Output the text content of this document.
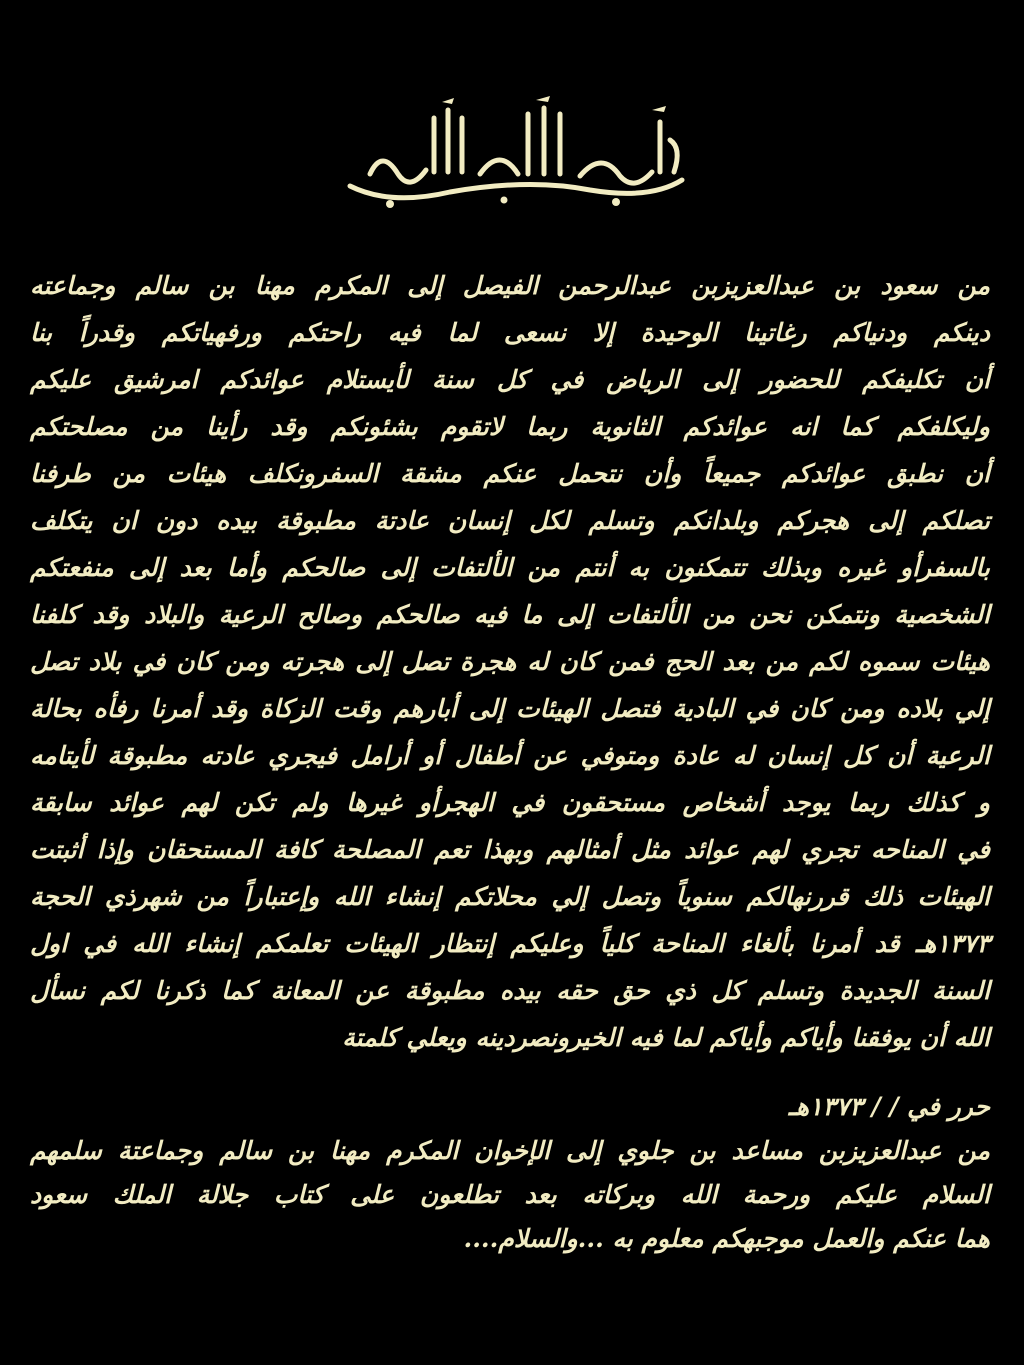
من سعود بن عبدالعزيزبن عبدالرحمن الفيصل إلى المكرم مهنا بن سالم وجماعته
دينكم ودنياكم رغاتينا الوحيدة إلا نسعى لما فيه راحتكم ورفهياتكم وقدراً بنا
أن تكليفكم للحضور إلى الرياض في كل سنة لأيستلام عوائدكم امرشيق عليكم
وليكلفكم كما انه عوائدكم الثانوية ربما لاتقوم بشئونكم وقد رأينا من مصلحتكم
أن نطبق عوائدكم جميعاً وأن نتحمل عنكم مشقة السفرونكلف هيئات من طرفنا
تصلكم إلى هجركم وبلدانكم وتسلم لكل إنسان عادتة مطبوقة بيده دون ان يتكلف
بالسفرأو غيره وبذلك تتمكنون به أنتم من الألتفات إلى صالحكم وأما بعد إلى منفعتكم
الشخصية ونتمكن نحن من الألتفات إلى ما فيه صالحكم وصالح الرعية والبلاد وقد كلفنا
هيئات سموه لكم من بعد الحج فمن كان له هجرة تصل إلى هجرته ومن كان في بلاد تصل
إلي بلاده ومن كان في البادية فتصل الهيئات إلى أبارهم وقت الزكاة وقد أمرنا رفأه بحالة
الرعية أن كل إنسان له عادة ومتوفي عن أطفال أو أرامل فيجري عادته مطبوقة لأيتامه
و كذلك ربما يوجد أشخاص مستحقون في الهجرأو غيرها ولم تكن لهم عوائد سابقة
في المناحه تجري لهم عوائد مثل أمثالهم وبهذا تعم المصلحة كافة المستحقان وإذا أثبتت
الهيئات ذلك قررنهالكم سنوياً وتصل إلي محلاتكم إنشاء الله وإعتباراً من شهرذي الحجة
١٣٧٣هـ قد أمرنا بألغاء المناحة كلياً وعليكم إنتظار الهيئات تعلمكم إنشاء الله في اول
السنة الجديدة وتسلم كل ذي حق حقه بيده مطبوقة عن المعانة كما ذكرنا لكم نسأل
الله أن يوفقنا وأياكم وأياكم لما فيه الخيرونصردينه ويعلي كلمتة
حرر في / / ١٣٧٣هـ
من عبدالعزيزبن مساعد بن جلوي إلى الإخوان المكرم مهنا بن سالم وجماعتة سلمهم
السلام عليكم ورحمة الله وبركاته بعد تطلعون على كتاب جلالة الملك سعود
هما عنكم والعمل موجبهكم معلوم به ...والسلام....
